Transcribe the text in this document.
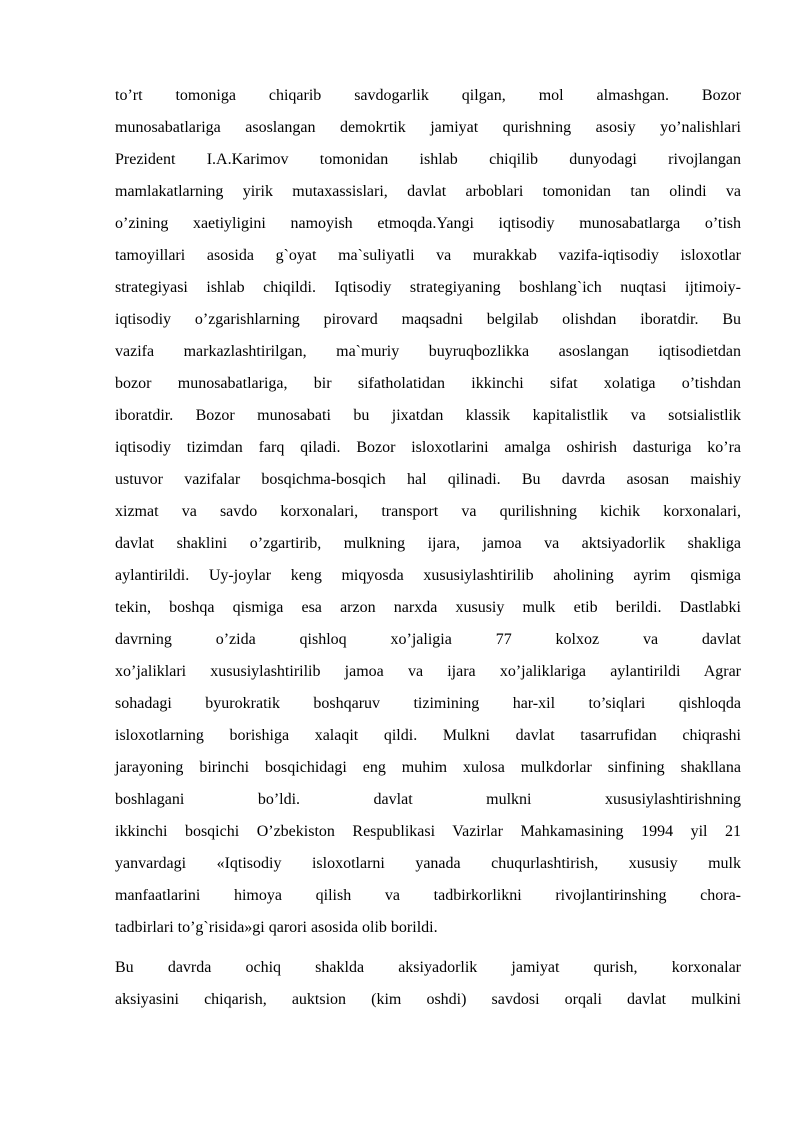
to’rt tomoniga chiqarib savdogarlik qilgan, mol almashgan. Bozor
munosabatlariga asoslangan demokrtik jamiyat qurishning asosiy yo’nalishlari
Prezident I.A.Karimov tomonidan ishlab chiqilib dunyodagi rivojlangan
mamlakatlarning yirik mutaxassislari, davlat arboblari tomonidan tan olindi va
o’zining xaetiyligini namoyish etmoqda.Yangi iqtisodiy munosabatlarga o’tish
tamoyillari asosida g`oyat ma`suliyatli va murakkab vazifa-iqtisodiy isloxotlar
strategiyasi ishlab chiqildi. Iqtisodiy strategiyaning boshlang`ich nuqtasi ijtimoiy-
iqtisodiy o’zgarishlarning pirovard maqsadni belgilab olishdan iboratdir. Bu
vazifa markazlashtirilgan, ma`muriy buyruqbozlikka asoslangan iqtisodietdan
bozor munosabatlariga, bir sifatholatidan ikkinchi sifat xolatiga o’tishdan
iboratdir. Bozor munosabati bu jixatdan klassik kapitalistlik va sotsialistlik
iqtisodiy tizimdan farq qiladi. Bozor isloxotlarini amalga oshirish dasturiga ko’ra
ustuvor vazifalar bosqichma-bosqich hal qilinadi. Bu davrda asosan maishiy
xizmat va savdo korxonalari, transport va qurilishning kichik korxonalari,
davlat shaklini o’zgartirib, mulkning ijara, jamoa va aktsiyadorlik shakliga
aylantirildi. Uy-joylar keng miqyosda xususiylashtirilib aholining ayrim qismiga
tekin, boshqa qismiga esa arzon narxda xususiy mulk etib berildi. Dastlabki
davrning o’zida qishloq xo’jaligia 77 kolxoz va davlat
xo’jaliklari xususiylashtirilib jamoa va ijara xo’jaliklariga aylantirildi Agrar
sohadagi byurokratik boshqaruv tizimining har-xil to’siqlari qishloqda
isloxotlarning borishiga xalaqit qildi. Mulkni davlat tasarrufidan chiqrashi
jarayoning birinchi bosqichidagi eng muhim xulosa mulkdorlar sinfining shakllana
boshlagani bo’ldi. davlat mulkni xususiylashtirishning
ikkinchi bosqichi O’zbekiston Respublikasi Vazirlar Mahkamasining 1994 yil 21
yanvardagi «Iqtisodiy isloxotlarni yanada chuqurlashtirish, xususiy mulk
manfaatlarini himoya qilish va tadbirkorlikni rivojlantirinshing chora-
tadbirlari to’g`risida»gi qarori asosida olib borildi.
Bu davrda ochiq shaklda aksiyadorlik jamiyat qurish, korxonalar
aksiyasini chiqarish, auktsion (kim oshdi) savdosi orqali davlat mulkini
